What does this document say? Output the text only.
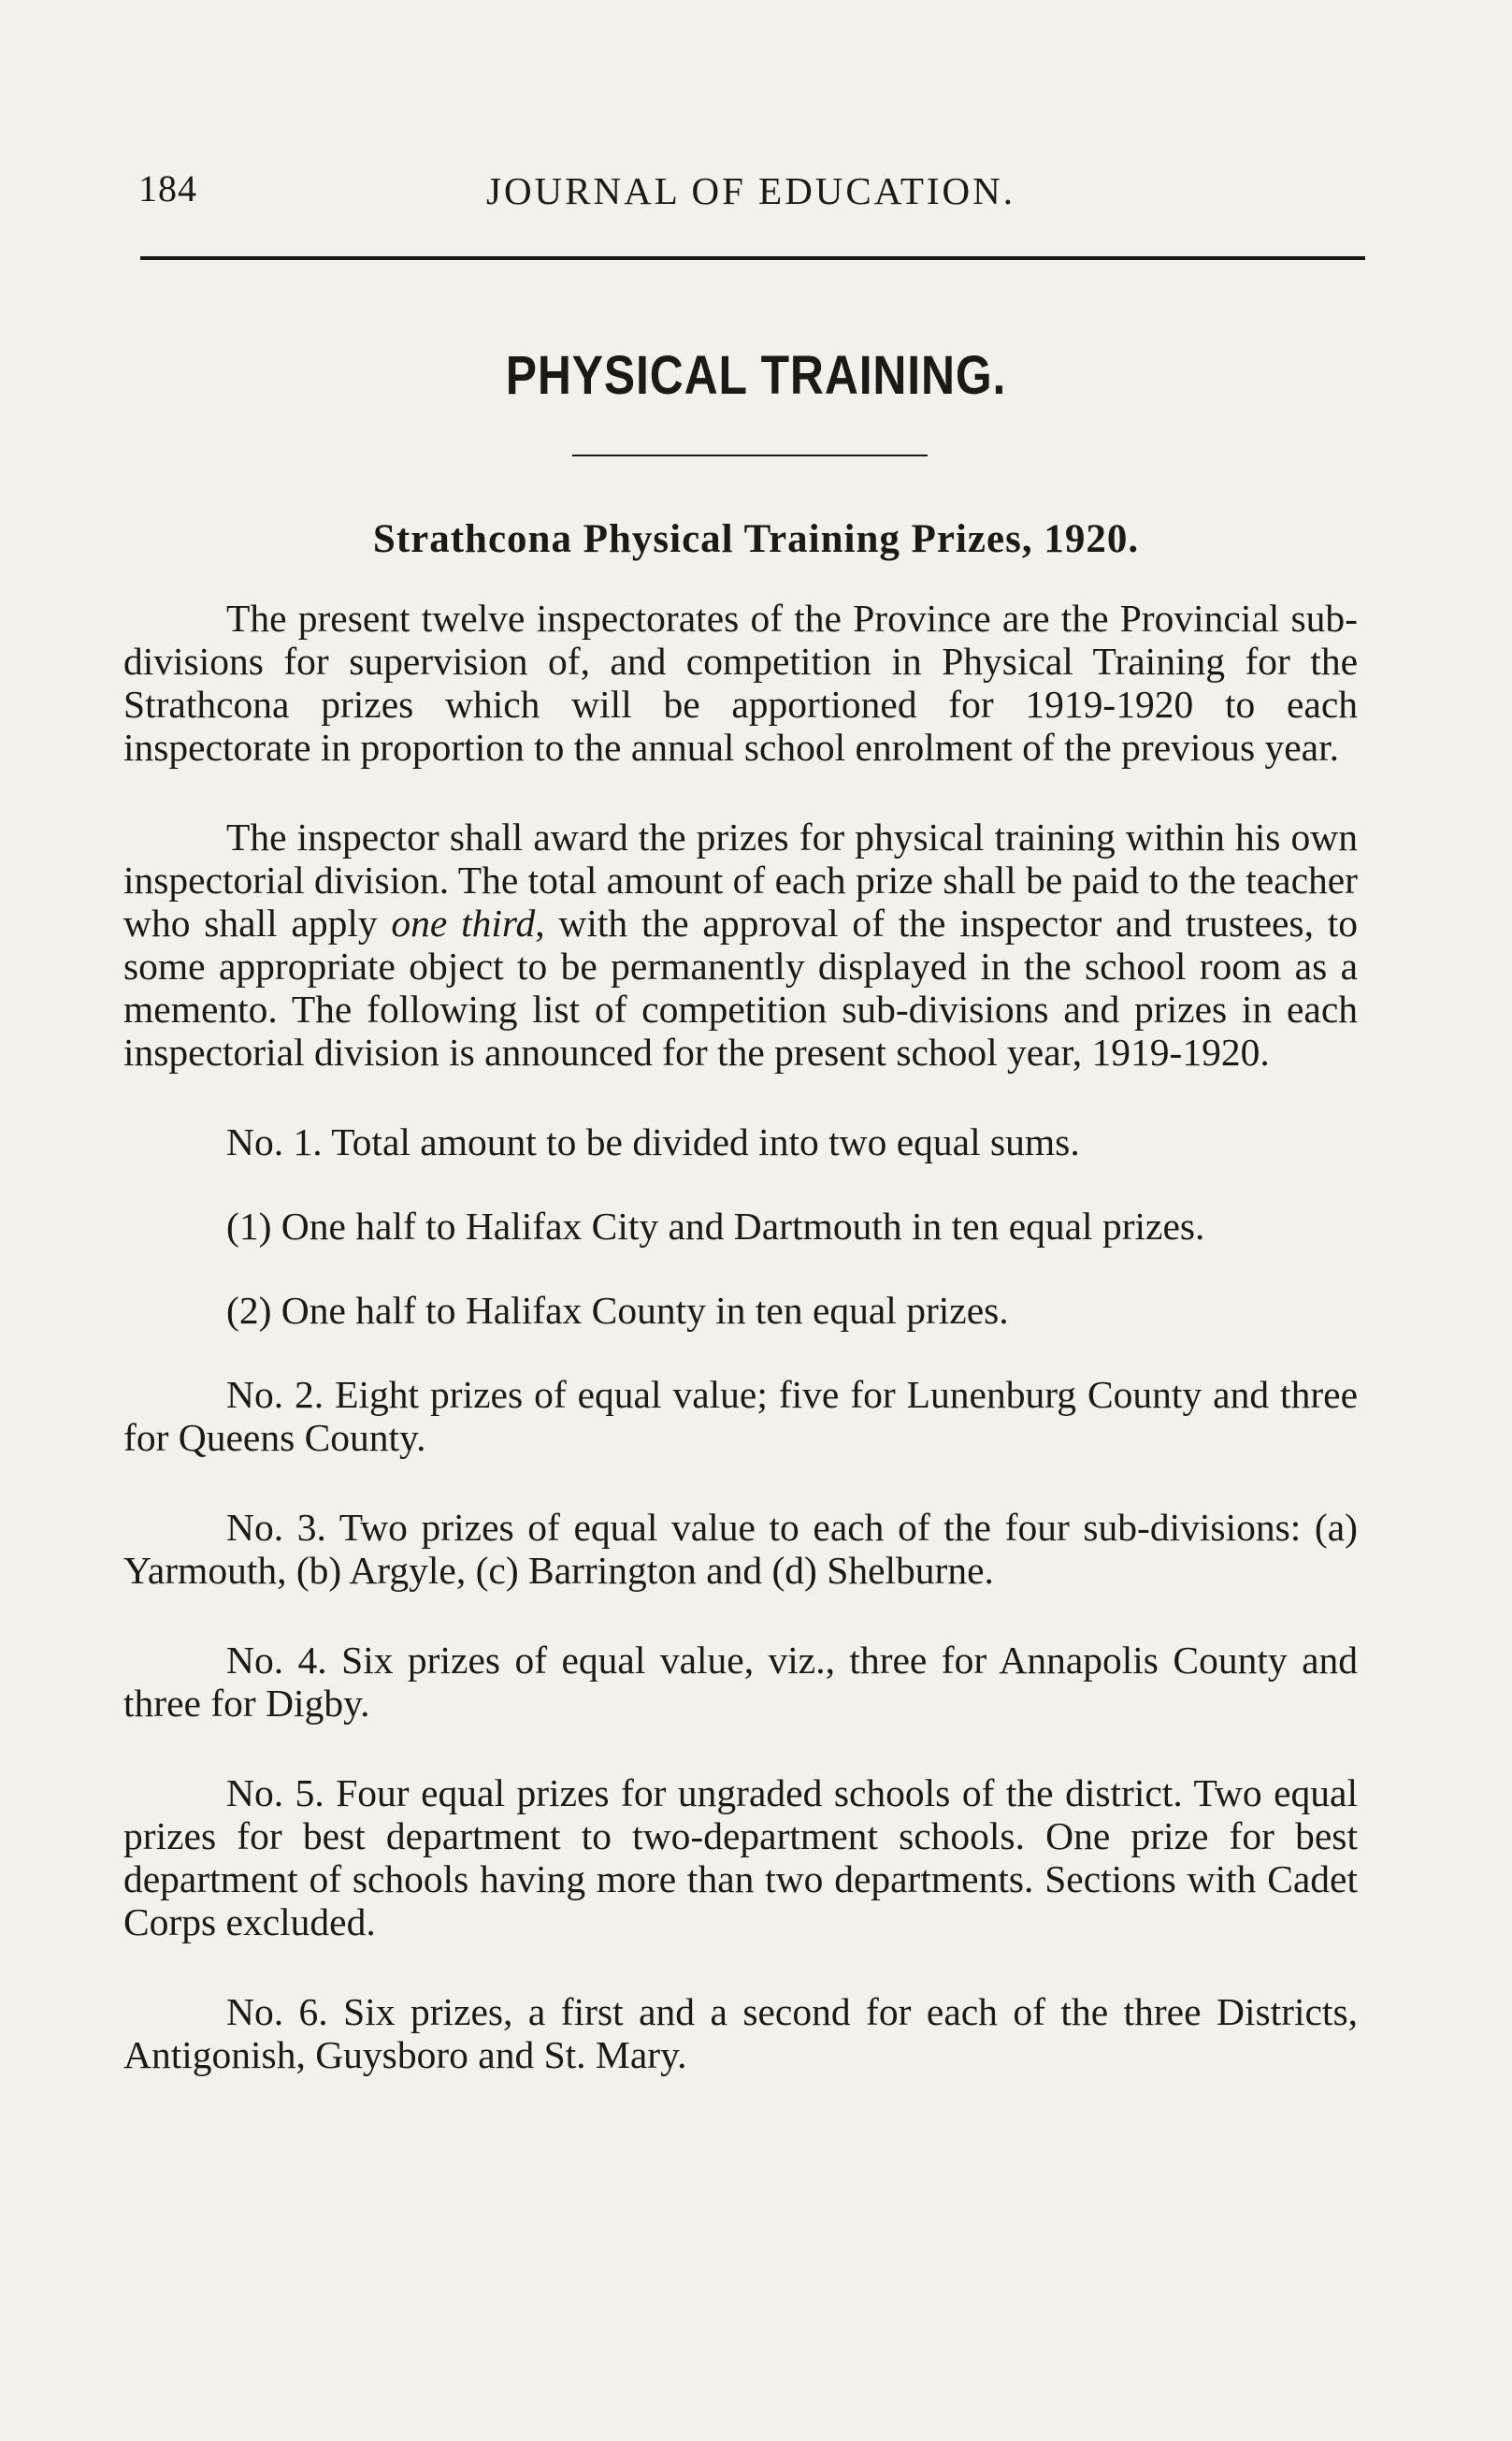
184	JOURNAL OF EDUCATION.
PHYSICAL TRAINING.
Strathcona Physical Training Prizes, 1920.

The present twelve inspectorates of the Province are the Provincial sub-divisions for supervision of, and competition in Physical Training for the Strathcona prizes which will be apportioned for 1919-1920 to each inspectorate in proportion to the annual school enrolment of the previous year.

The inspector shall award the prizes for physical training within his own inspectorial division. The total amount of each prize shall be paid to the teacher who shall apply one third, with the approval of the inspector and trustees, to some appropriate object to be permanently displayed in the school room as a memento. The following list of competition sub-divisions and prizes in each inspectorial division is announced for the present school year, 1919-1920.

No. 1. Total amount to be divided into two equal sums.

(1) One half to Halifax City and Dartmouth in ten equal prizes.

(2) One half to Halifax County in ten equal prizes.

No. 2. Eight prizes of equal value; five for Lunenburg County and three for Queens County.

No. 3. Two prizes of equal value to each of the four sub-divisions: (a) Yarmouth, (b) Argyle, (c) Barrington and (d) Shelburne.

No. 4. Six prizes of equal value, viz., three for Annapolis County and three for Digby.

No. 5. Four equal prizes for ungraded schools of the district. Two equal prizes for best department to two-department schools. One prize for best department of schools having more than two departments. Sections with Cadet Corps excluded.

No. 6. Six prizes, a first and a second for each of the three Districts, Antigonish, Guysboro and St. Mary.
